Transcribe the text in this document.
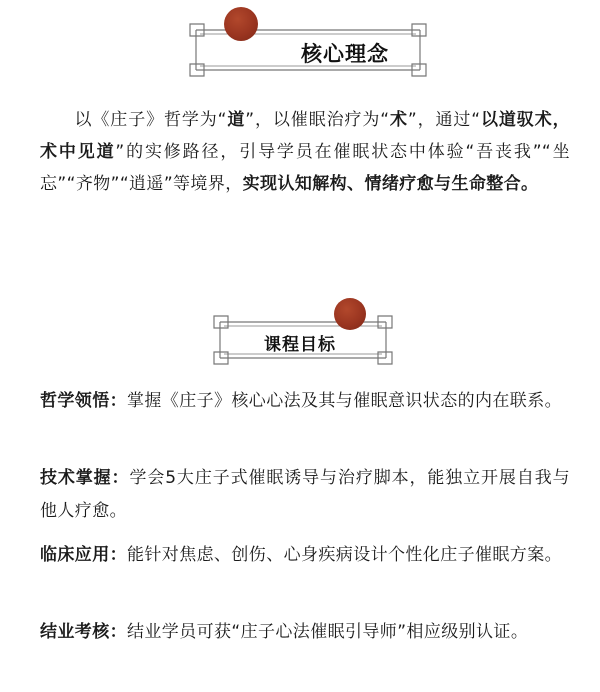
核心理念
以《庄子》哲学为“道”，以催眠治疗为“术”，通过“以道驭术，术中见道”的实修路径，引导学员在催眠状态中体验“吾丧我”“坐忘”“齐物”“逍遥”等境界，实现认知解构、情绪疗愈与生命整合。
课程目标
哲学领悟：掌握《庄子》核心心法及其与催眠意识状态的内在联系。
技术掌握：学会5大庄子式催眠诱导与治疗脚本，能独立开展自我与他人疗愈。
临床应用：能针对焦虑、创伤、心身疾病设计个性化庄子催眠方案。
结业考核：结业学员可获“庄子心法催眠引导师”相应级别认证。
